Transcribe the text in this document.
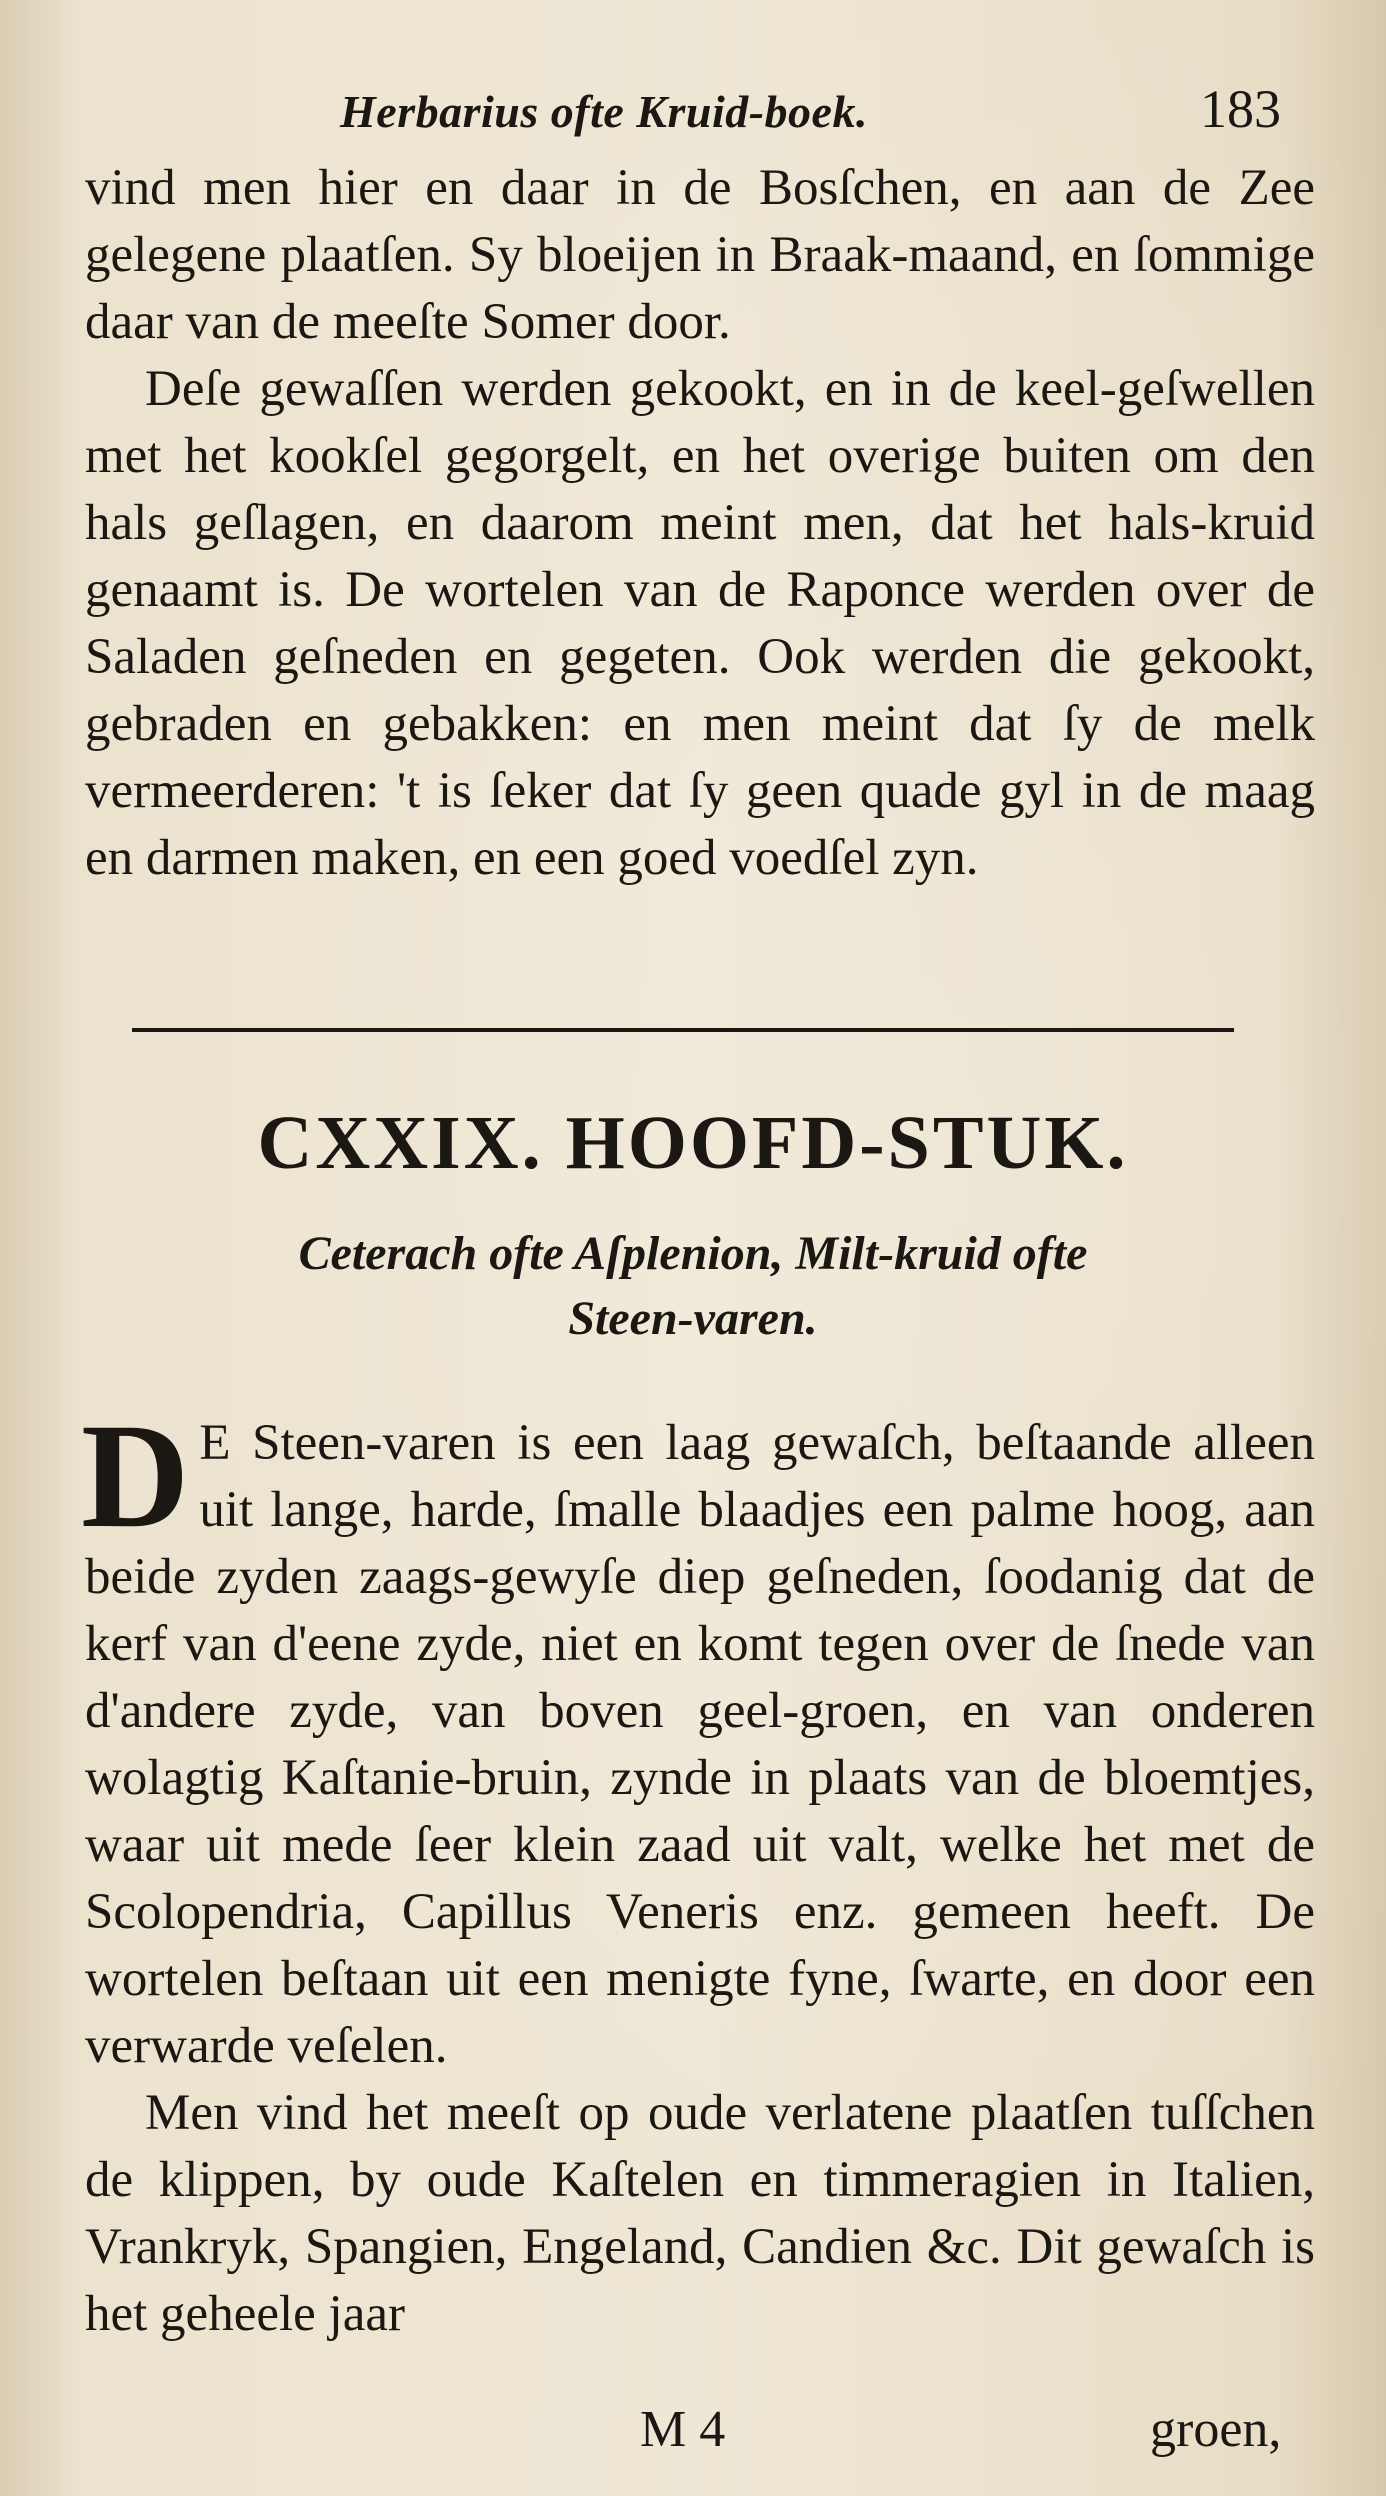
Herbarius ofte Kruid-boek.	183

vind men hier en daar in de Bosſchen, en aan de Zee gelegene plaatſen. Sy bloeijen in Braak-maand, en ſommige daar van de meeſte Somer door.

Deſe gewaſſen werden gekookt, en in de keel-geſwellen met het kookſel gegorgelt, en het overige buiten om den hals geſlagen, en daarom meint men, dat het hals-kruid genaamt is. De wortelen van de Raponce werden over de Saladen geſneden en gegeten. Ook werden die gekookt, gebraden en gebakken: en men meint dat ſy de melk vermeerderen: 't is ſeker dat ſy geen quade gyl in de maag en darmen maken, en een goed voedſel zyn.

CXXIX. HOOFD-STUK.
Ceterach ofte Aſplenion, Milt-kruid ofte
Steen-varen.
D E Steen-varen is een laag gewaſch, beſtaande alleen uit lange, harde, ſmalle blaadjes een palme hoog, aan beide zyden zaags-gewyſe diep geſneden, ſoodanig dat de kerf van d'eene zyde, niet en komt tegen over de ſnede van d'andere zyde, van boven geel-groen, en van onderen wolagtig Kaſtanie-bruin, zynde in plaats van de bloemtjes, waar uit mede ſeer klein zaad uit valt, welke het met de Scolopendria, Capillus Veneris enz. gemeen heeft. De wortelen beſtaan uit een menigte fyne, ſwarte, en door een verwarde veſelen.

Men vind het meeſt op oude verlatene plaatſen tuſſchen de klippen, by oude Kaſtelen en timmeragien in Italien, Vrankryk, Spangien, Engeland, Candien &c. Dit gewaſch is het geheele jaar

M 4	groen,
